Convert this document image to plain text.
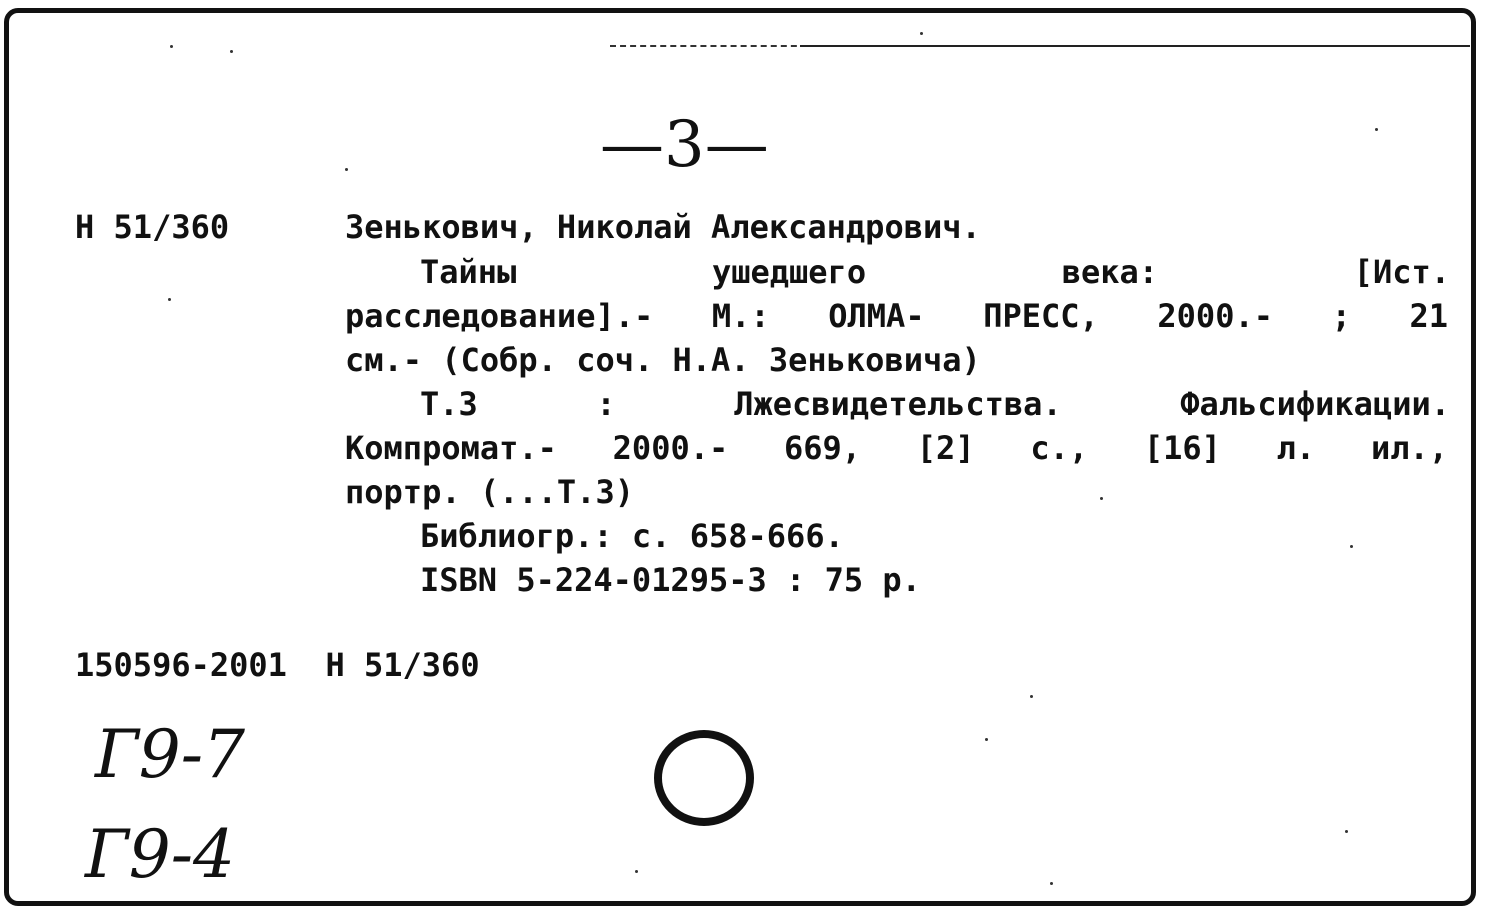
—3—
H 51/360	Зенькович, Николай Александрович.
Тайны ушедшего века: [Ист.
расследование].- М.: ОЛМА- ПРЕСС, 2000.- ; 21
см.- (Собр. соч. Н.А. Зеньковича)
Т.3 : Лжесвидетельства. Фальсификации.
Компромат.- 2000.- 669, [2] с., [16] л. ил.,
портр. (...Т.3)
Библиогр.: с. 658-666.
ISBN 5-224-01295-3 : 75 р.
150596-2001  H 51/360
Г9-7
Г9-4
